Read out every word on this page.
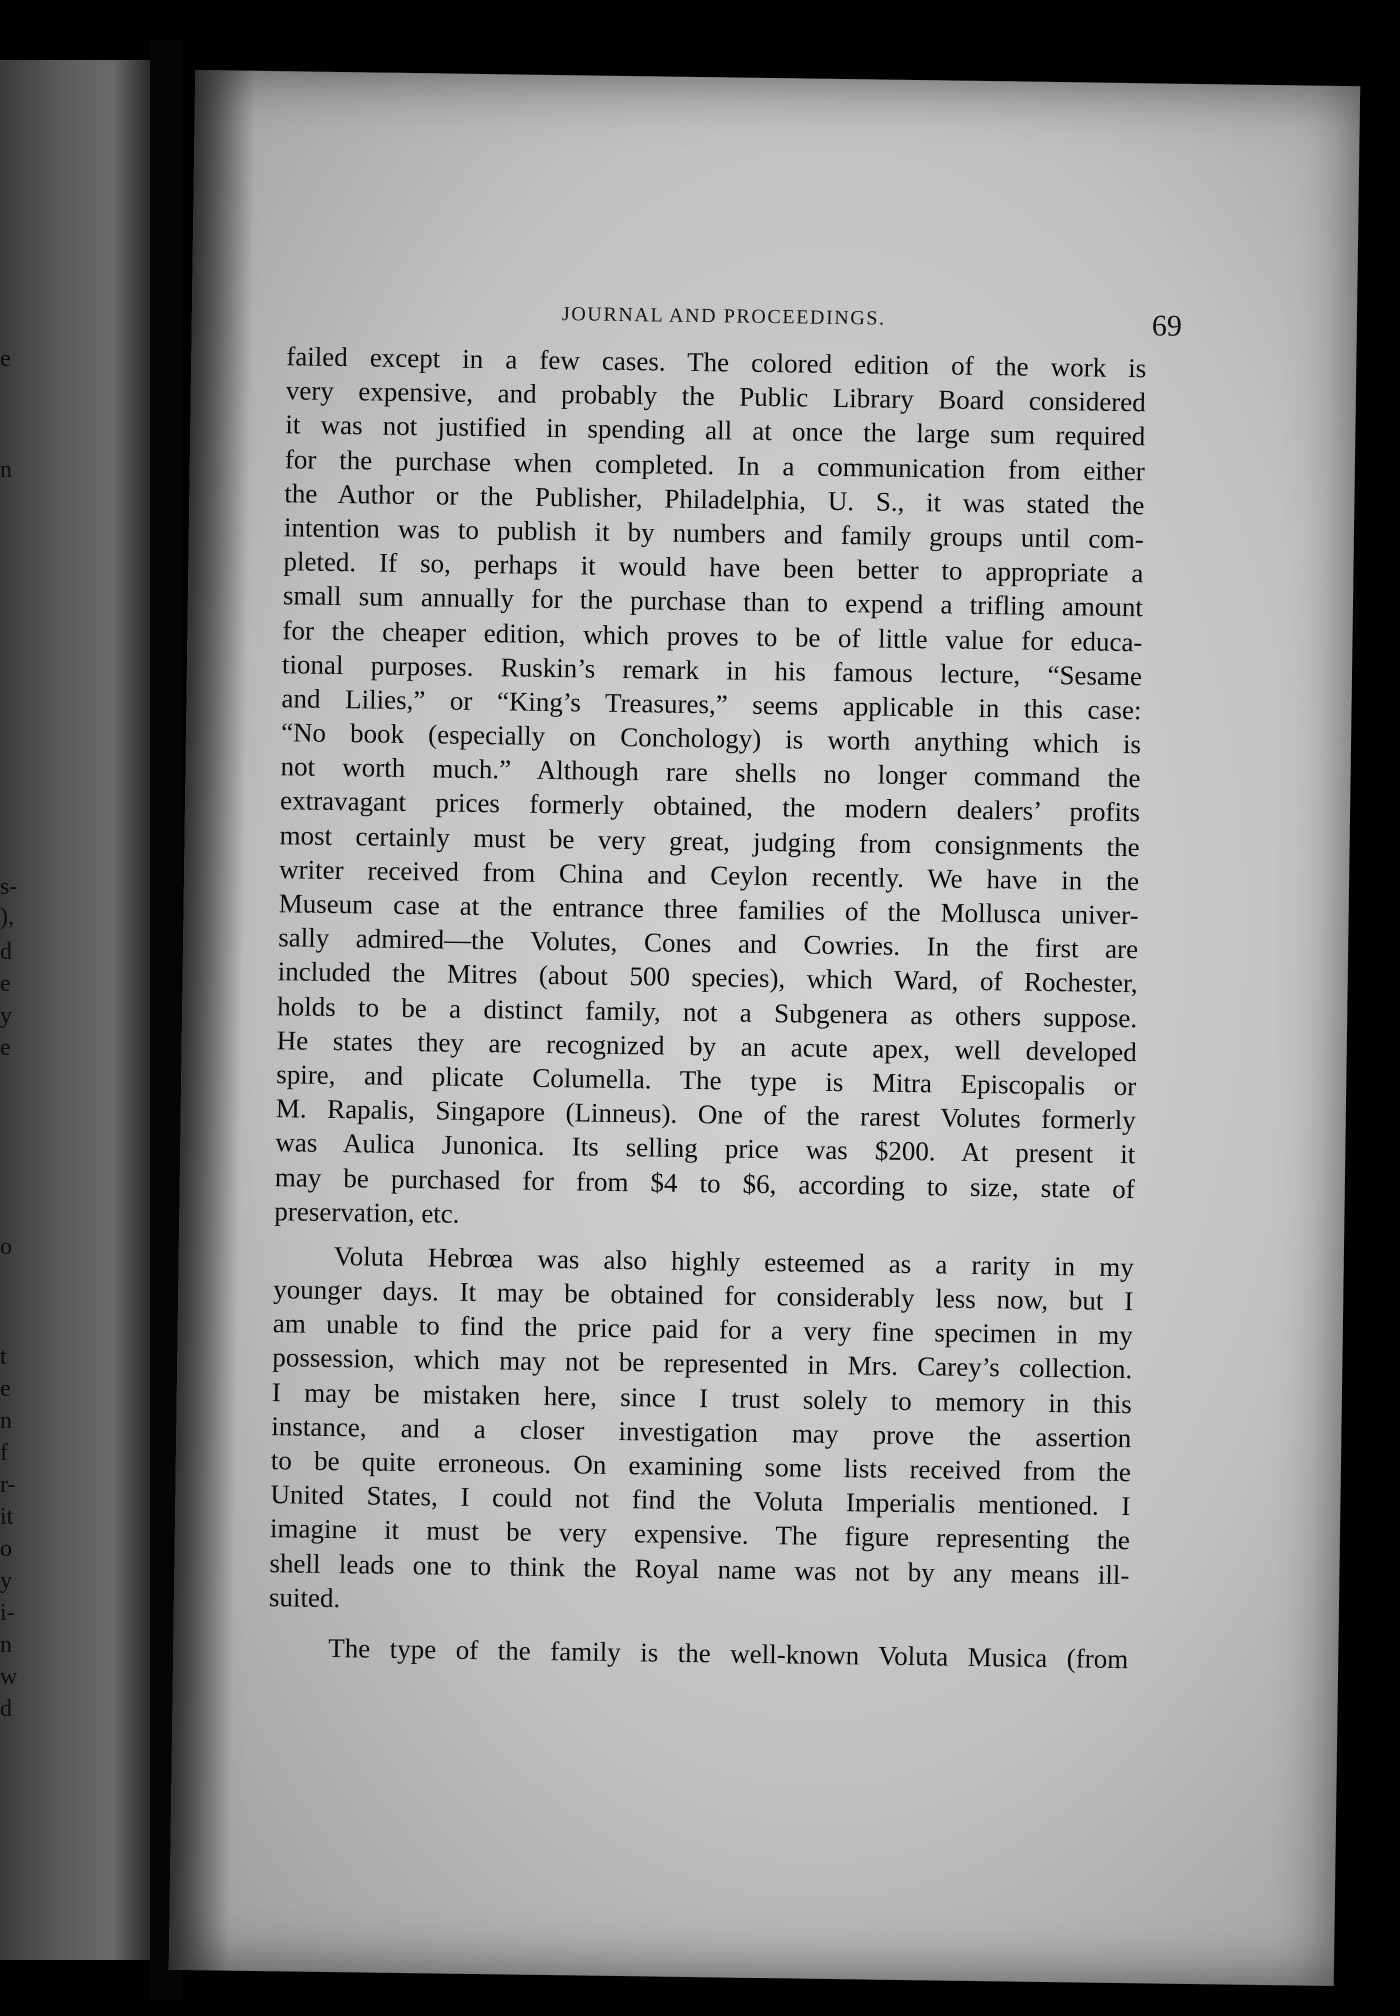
e
n
s-
),
d
e
y
e
o
t
e
n
f
r-
it
o
y
i-
n
w
d
JOURNAL AND PROCEEDINGS.	69
failed except in a few cases. The colored edition of the work is
very expensive, and probably the Public Library Board considered
it was not justified in spending all at once the large sum required
for the purchase when completed. In a communication from either
the Author or the Publisher, Philadelphia, U. S., it was stated the
intention was to publish it by numbers and family groups until com-
pleted. If so, perhaps it would have been better to appropriate a
small sum annually for the purchase than to expend a trifling amount
for the cheaper edition, which proves to be of little value for educa-
tional purposes. Ruskin’s remark in his famous lecture, “Sesame
and Lilies,” or “King’s Treasures,” seems applicable in this case:
“No book (especially on Conchology) is worth anything which is
not worth much.” Although rare shells no longer command the
extravagant prices formerly obtained, the modern dealers’ profits
most certainly must be very great, judging from consignments the
writer received from China and Ceylon recently. We have in the
Museum case at the entrance three families of the Mollusca univer-
sally admired—the Volutes, Cones and Cowries. In the first are
included the Mitres (about 500 species), which Ward, of Rochester,
holds to be a distinct family, not a Subgenera as others suppose.
He states they are recognized by an acute apex, well developed
spire, and plicate Columella. The type is Mitra Episcopalis or
M. Rapalis, Singapore (Linneus). One of the rarest Volutes formerly
was Aulica Junonica. Its selling price was $200. At present it
may be purchased for from $4 to $6, according to size, state of
preservation, etc.
Voluta Hebrœa was also highly esteemed as a rarity in my
younger days. It may be obtained for considerably less now, but I
am unable to find the price paid for a very fine specimen in my
possession, which may not be represented in Mrs. Carey’s collection.
I may be mistaken here, since I trust solely to memory in this
instance, and a closer investigation may prove the assertion
to be quite erroneous. On examining some lists received from the
United States, I could not find the Voluta Imperialis mentioned. I
imagine it must be very expensive. The figure representing the
shell leads one to think the Royal name was not by any means ill-
suited.
The type of the family is the well-known Voluta Musica (from
